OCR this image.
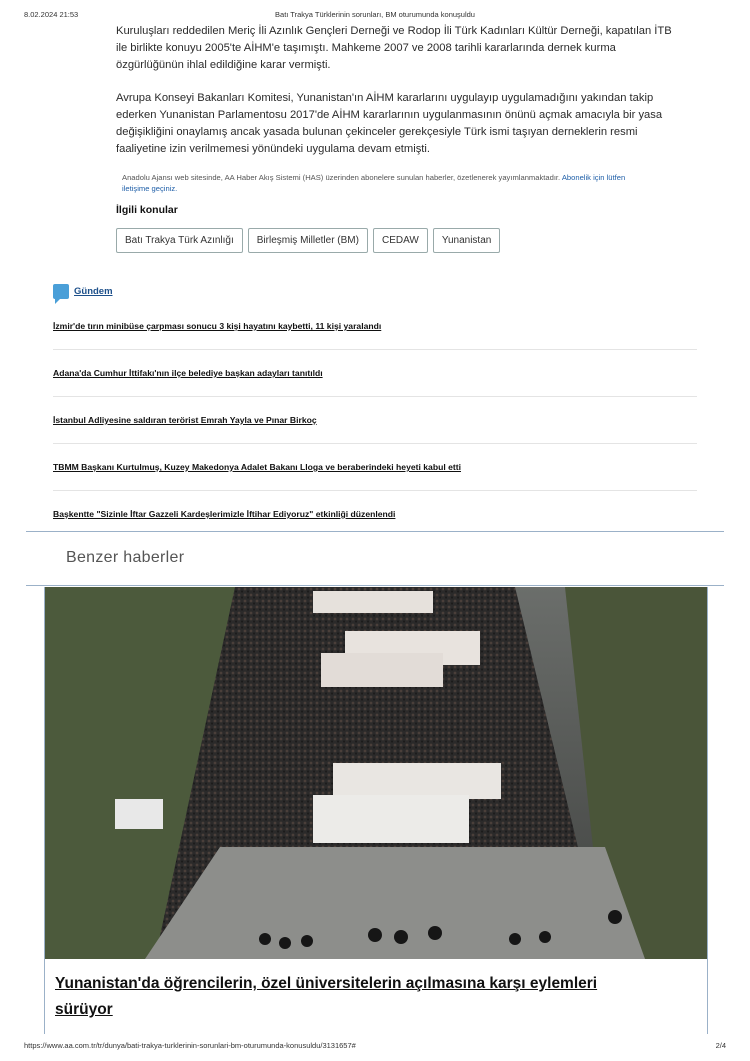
8.02.2024 21:53	Batı Trakya Türklerinin sorunları, BM oturumunda konuşuldu

Kuruluşları reddedilen Meriç İli Azınlık Gençleri Derneği ve Rodop İli Türk Kadınları Kültür Derneği, kapatılan İTB ile birlikte konuyu 2005'te AİHM'e taşımıştı. Mahkeme 2007 ve 2008 tarihli kararlarında dernek kurma özgürlüğünün ihlal edildiğine karar vermişti.

Avrupa Konseyi Bakanları Komitesi, Yunanistan'ın AİHM kararlarını uygulayıp uygulamadığını yakından takip ederken Yunanistan Parlamentosu 2017'de AİHM kararlarının uygulanmasının önünü açmak amacıyla bir yasa değişikliğini onaylamış ancak yasada bulunan çekinceler gerekçesiyle Türk ismi taşıyan derneklerin resmi faaliyetine izin verilmemesi yönündeki uygulama devam etmişti.

Anadolu Ajansı web sitesinde, AA Haber Akış Sistemi (HAS) üzerinden abonelere sunulan haberler, özetlenerek yayımlanmaktadır. Abonelik için lütfen iletişime geçiniz.
İlgili konular
Batı Trakya Türk Azınlığı	Birleşmiş Milletler (BM)	CEDAW	Yunanistan
Gündem
İzmir'de tırın minibüse çarpması sonucu 3 kişi hayatını kaybetti, 11 kişi yaralandı
Adana'da Cumhur İttifakı'nın ilçe belediye başkan adayları tanıtıldı
İstanbul Adliyesine saldıran terörist Emrah Yayla ve Pınar Birkoç
TBMM Başkanı Kurtulmuş, Kuzey Makedonya Adalet Bakanı Lloga ve beraberindeki heyeti kabul etti
Başkentte "Sizinle İftar Gazzeli Kardeşlerimizle İftihar Ediyoruz" etkinliği düzenlendi
Benzer haberler
Yunanistan'da öğrencilerin, özel üniversitelerin açılmasına karşı eylemleri sürüyor
https://www.aa.com.tr/tr/dunya/bati-trakya-turklerinin-sorunlari-bm-oturumunda-konusuldu/3131657#	2/4
